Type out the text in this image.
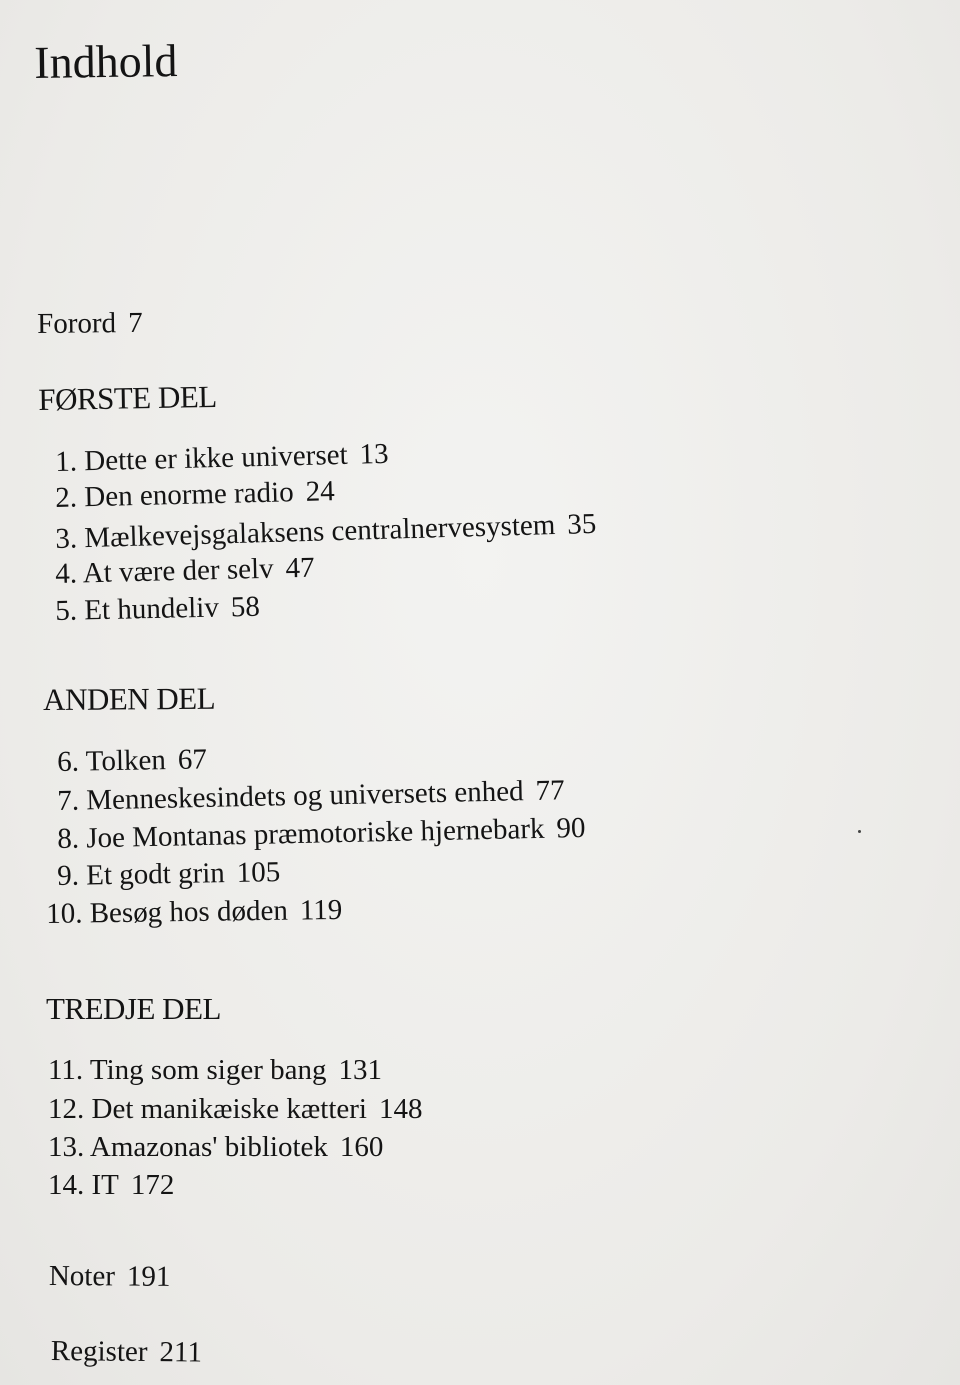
Indhold
Forord 7
FØRSTE DEL
1. Dette er ikke universet 13
2. Den enorme radio 24
3. Mælkevejsgalaksens centralnervesystem 35
4. At være der selv 47
5. Et hundeliv 58
ANDEN DEL
6. Tolken 67
7. Menneskesindets og universets enhed 77
8. Joe Montanas præmotoriske hjernebark 90
9. Et godt grin 105
10. Besøg hos døden 119
TREDJE DEL
11. Ting som siger bang 131
12. Det manikæiske kætteri 148
13. Amazonas' bibliotek 160
14. IT 172
Noter 191
Register 211
